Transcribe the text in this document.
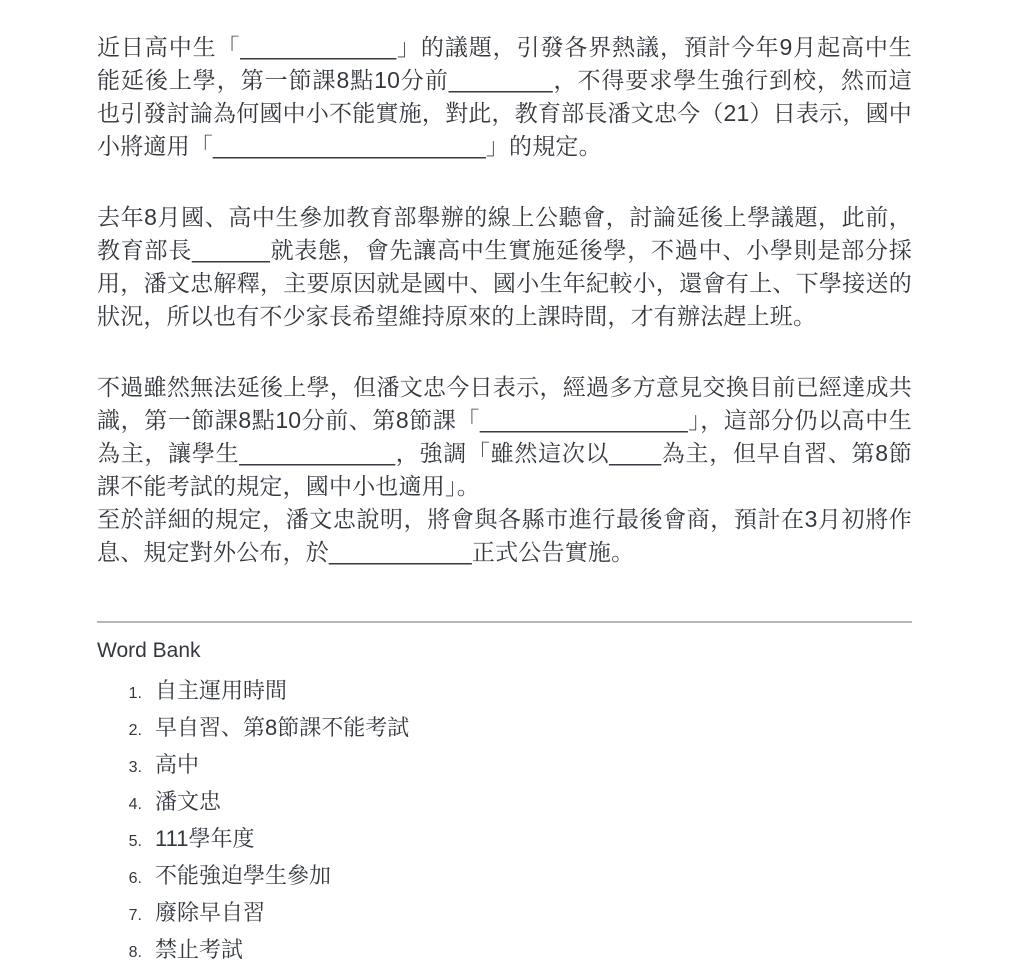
近日高中生「____________」的議題，引發各界熱議，預計今年9月起高中生能延後上學，第一節課8點10分前________，不得要求學生強行到校，然而這也引發討論為何國中小不能實施，對此，教育部長潘文忠今（21）日表示，國中小將適用「_____________________」的規定。

去年8月國、高中生參加教育部舉辦的線上公聽會，討論延後上學議題，此前，教育部長______就表態，會先讓高中生實施延後學，不過中、小學則是部分採用，潘文忠解釋，主要原因就是國中、國小生年紀較小，還會有上、下學接送的狀況，所以也有不少家長希望維持原來的上課時間，才有辦法趕上班。

不過雖然無法延後上學，但潘文忠今日表示，經過多方意見交換目前已經達成共識，第一節課8點10分前、第8節課「________________」，這部分仍以高中生為主，讓學生____________，強調「雖然這次以____為主，但早自習、第8節課不能考試的規定，國中小也適用」。

至於詳細的規定，潘文忠說明，將會與各縣市進行最後會商，預計在3月初將作息、規定對外公布，於___________正式公告實施。

Word Bank
1. 自主運用時間
2. 早自習、第8節課不能考試
3. 高中
4. 潘文忠
5. 111學年度
6. 不能強迫學生參加
7. 廢除早自習
8. 禁止考試
